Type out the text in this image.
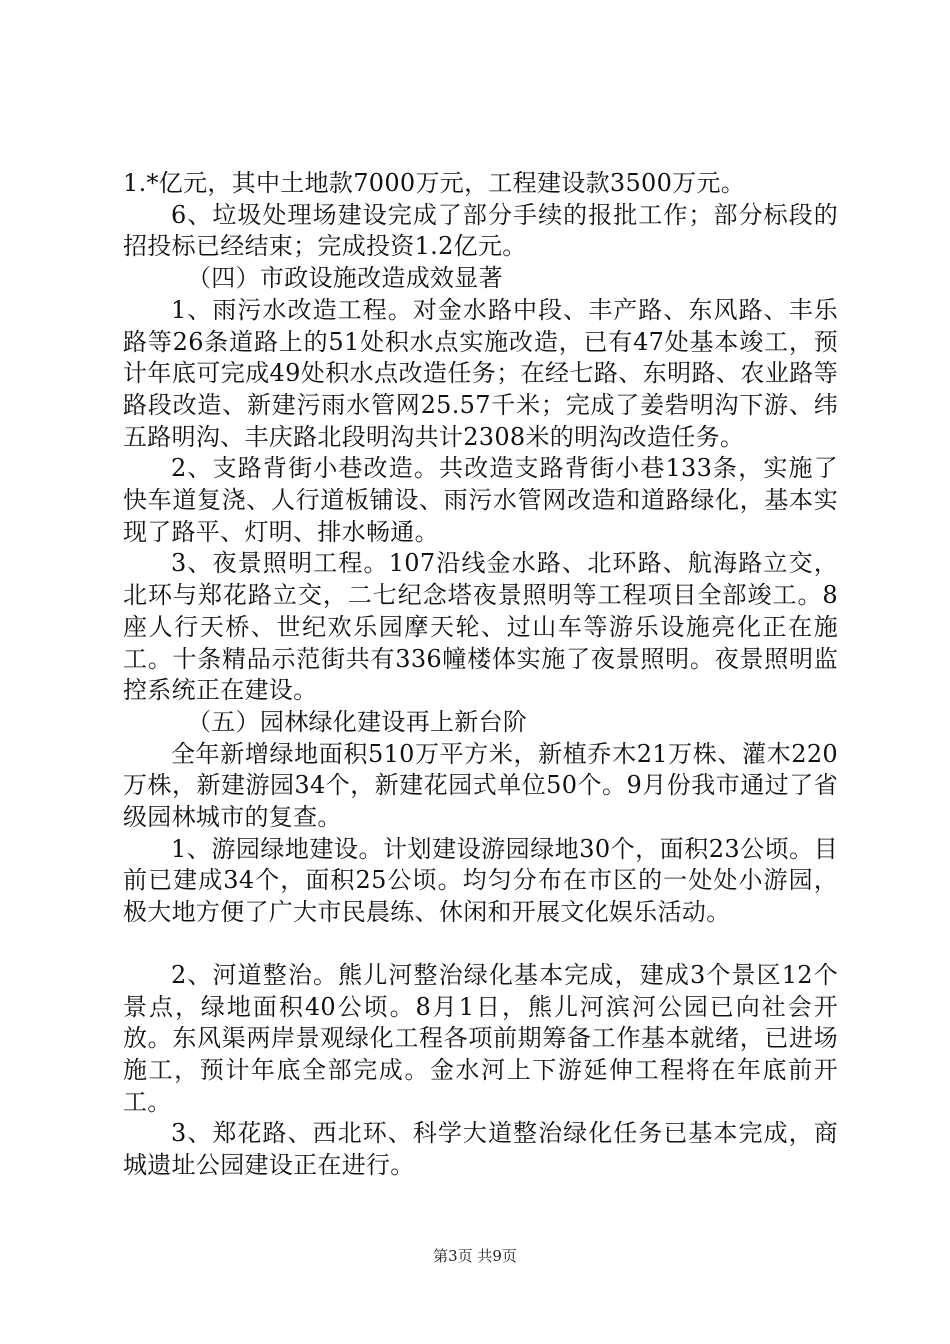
1.*亿元，其中土地款7000万元，工程建设款3500万元。

6、垃圾处理场建设完成了部分手续的报批工作；部分标段的招投标已经结束；完成投资1.2亿元。

（四）市政设施改造成效显著

1、雨污水改造工程。对金水路中段、丰产路、东风路、丰乐路等26条道路上的51处积水点实施改造，已有47处基本竣工，预计年底可完成49处积水点改造任务；在经七路、东明路、农业路等路段改造、新建污雨水管网25.57千米；完成了姜砦明沟下游、纬五路明沟、丰庆路北段明沟共计2308米的明沟改造任务。

2、支路背街小巷改造。共改造支路背街小巷133条，实施了快车道复浇、人行道板铺设、雨污水管网改造和道路绿化，基本实现了路平、灯明、排水畅通。

3、夜景照明工程。107沿线金水路、北环路、航海路立交，北环与郑花路立交，二七纪念塔夜景照明等工程项目全部竣工。8座人行天桥、世纪欢乐园摩天轮、过山车等游乐设施亮化正在施工。十条精品示范街共有336幢楼体实施了夜景照明。夜景照明监控系统正在建设。

（五）园林绿化建设再上新台阶

全年新增绿地面积510万平方米，新植乔木21万株、灌木220万株，新建游园34个，新建花园式单位50个。9月份我市通过了省级园林城市的复查。

1、游园绿地建设。计划建设游园绿地30个，面积23公顷。目前已建成34个，面积25公顷。均匀分布在市区的一处处小游园，极大地方便了广大市民晨练、休闲和开展文化娱乐活动。

2、河道整治。熊儿河整治绿化基本完成，建成3个景区12个景点，绿地面积40公顷。8月1日，熊儿河滨河公园已向社会开放。东风渠两岸景观绿化工程各项前期筹备工作基本就绪，已进场施工，预计年底全部完成。金水河上下游延伸工程将在年底前开工。

3、郑花路、西北环、科学大道整治绿化任务已基本完成，商城遗址公园建设正在进行。

第3页 共9页
